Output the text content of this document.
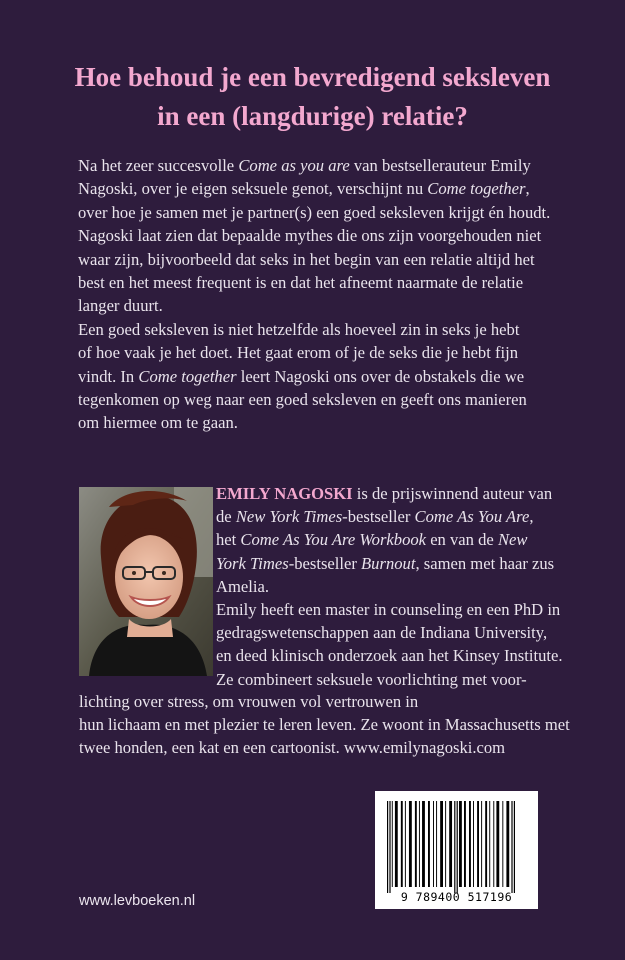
Hoe behoud je een bevredigend seksleven
in een (langdurige) relatie?
Na het zeer succesvolle Come as you are van bestsellerauteur Emily
Nagoski, over je eigen seksuele genot, verschijnt nu Come together,
over hoe je samen met je partner(s) een goed seksleven krijgt én houdt.
Nagoski laat zien dat bepaalde mythes die ons zijn voorgehouden niet
waar zijn, bijvoorbeeld dat seks in het begin van een relatie altijd het
best en het meest frequent is en dat het afneemt naarmate de relatie
langer duurt.
Een goed seksleven is niet hetzelfde als hoeveel zin in seks je hebt
of hoe vaak je het doet. Het gaat erom of je de seks die je hebt fijn
vindt. In Come together leert Nagoski ons over de obstakels die we
tegenkomen op weg naar een goed seksleven en geeft ons manieren
om hiermee om te gaan.
EMILY NAGOSKI is de prijswinnend auteur van
de New York Times-bestseller Come As You Are,
het Come As You Are Workbook en van de New
York Times-bestseller Burnout, samen met haar zus
Amelia.
Emily heeft een master in counseling en een PhD in
gedragswetenschappen aan de Indiana University,
en deed klinisch onderzoek aan het Kinsey Institute.
Ze combineert seksuele voorlichting met voor-
lichting over stress, om vrouwen vol vertrouwen in
hun lichaam en met plezier te leren leven. Ze woont in Massachusetts met
twee honden, een kat en een cartoonist. www.emilynagoski.com
9 789400 517196
www.levboeken.nl
